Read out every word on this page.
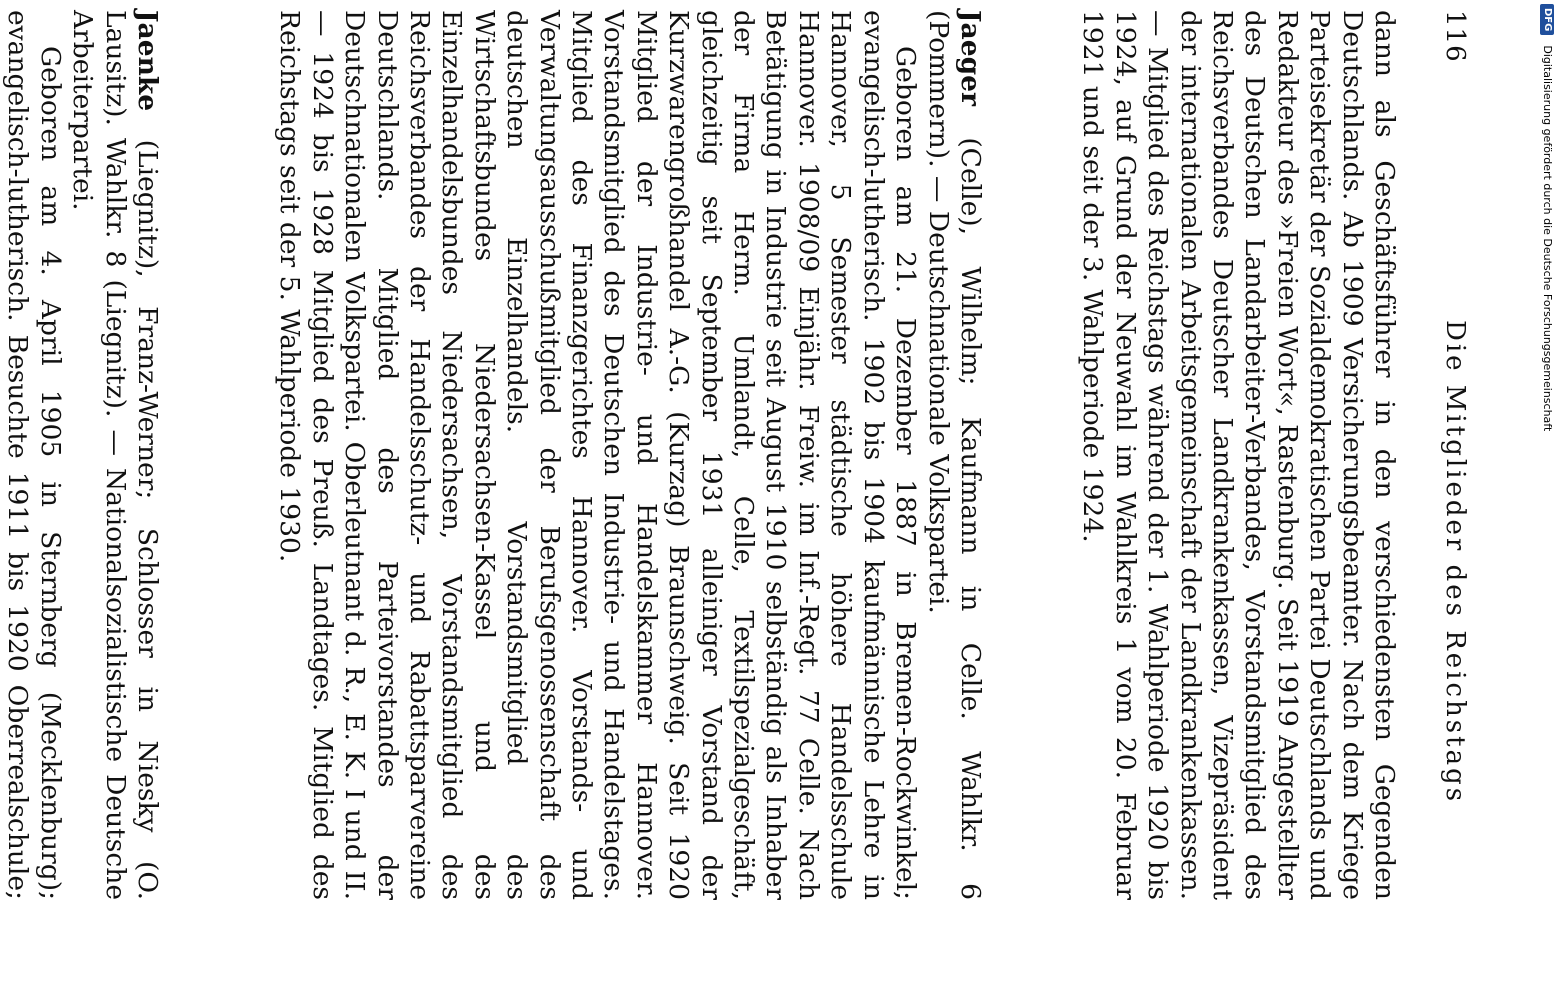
116
Die Mitglieder des Reichstags

dann als Geschäftsführer in den verschiedensten Gegenden Deutschlands. Ab 1909 Versicherungsbeamter. Nach dem Kriege Parteisekretär der Sozialdemokratischen Partei Deutschlands und Redakteur des »Freien Wort«, Rastenburg. Seit 1919 Angestellter des Deutschen Landarbeiter-Verbandes, Vorstandsmitglied des Reichsverbandes Deutscher Landkrankenkassen, Vizepräsident der internationalen Arbeitsgemeinschaft der Landkrankenkassen. — Mitglied des Reichstags während der 1. Wahlperiode 1920 bis 1924, auf Grund der Neuwahl im Wahlkreis 1 vom 20. Februar 1921 und seit der 3. Wahlperiode 1924.

Jaeger (Celle), Wilhelm; Kaufmann in Celle. Wahlkr. 6 (Pommern). — Deutschnationale Volkspartei.

Geboren am 21. Dezember 1887 in Bremen-Rockwinkel; evangelisch-lutherisch. 1902 bis 1904 kaufmännische Lehre in Hannover, 5 Semester städtische höhere Handelsschule Hannover. 1908/09 Einjähr. Freiw. im Inf.-Regt. 77 Celle. Nach Betätigung in Industrie seit August 1910 selbständig als Inhaber der Firma Herm. Umlandt, Celle, Textilspezialgeschäft, gleichzeitig seit September 1931 alleiniger Vorstand der Kurzwarengroßhandel A.-G. (Kurzag) Braunschweig. Seit 1920 Mitglied der Industrie- und Handelskammer Hannover. Vorstandsmitglied des Deutschen Industrie- und Handelstages. Mitglied des Finanzgerichtes Hannover. Vorstands- und Verwaltungsausschußmitglied der Berufsgenossenschaft des deutschen Einzelhandels. Vorstandsmitglied des Wirtschaftsbundes Niedersachsen-Kassel und des Einzelhandelsbundes Niedersachsen, Vorstandsmitglied des Reichsverbandes der Handelsschutz- und Rabattsparvereine Deutschlands. Mitglied des Parteivorstandes der Deutschnationalen Volkspartei. Oberleutnant d. R., E. K. I und II. — 1924 bis 1928 Mitglied des Preuß. Landtages. Mitglied des Reichstags seit der 5. Wahlperiode 1930.

Jaenke (Liegnitz), Franz-Werner; Schlosser in Niesky (O. Lausitz). Wahlkr. 8 (Liegnitz). — Nationalsozialistische Deutsche Arbeiterpartei.

Geboren am 4. April 1905 in Sternberg (Mecklenburg); evangelisch-lutherisch. Besuchte 1911 bis 1920 Oberrealschule;

DFG
Digitalisierung gefördert durch die Deutsche Forschungsgemeinschaft
